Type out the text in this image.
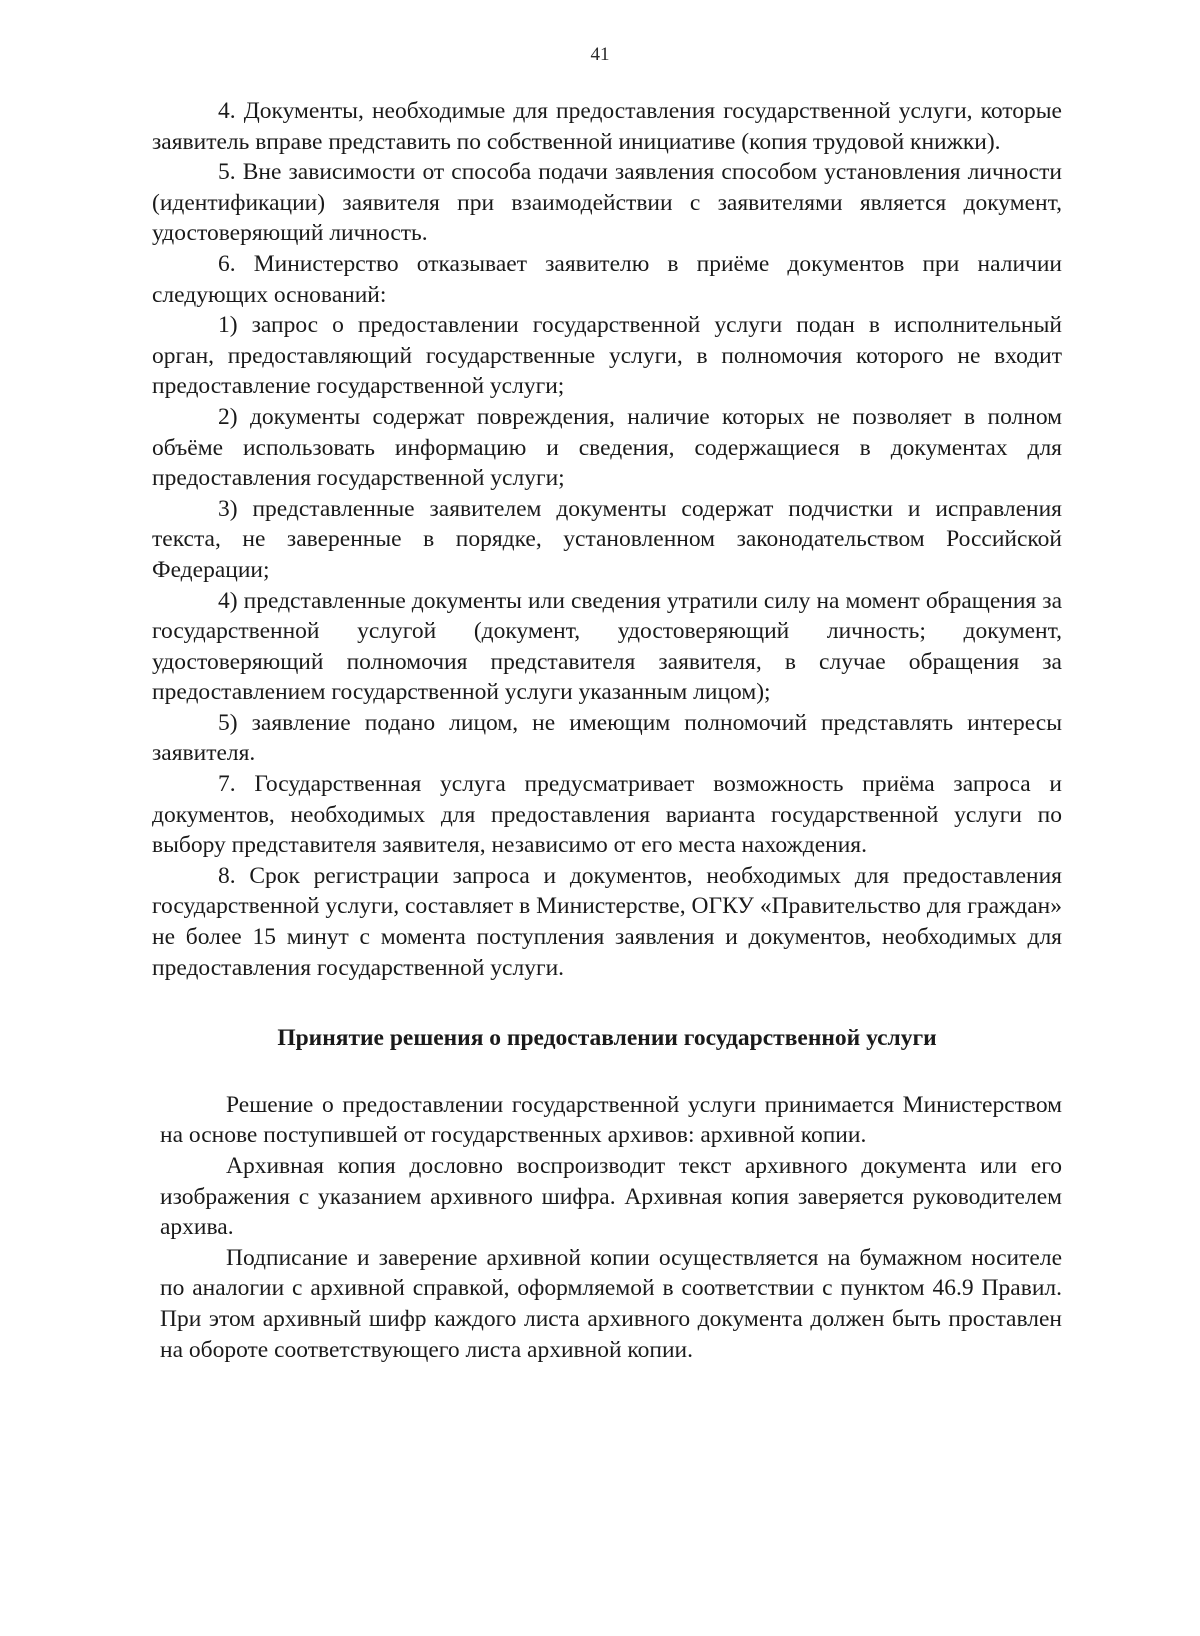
41

4. Документы, необходимые для предоставления государственной услуги, которые заявитель вправе представить по собственной инициативе (копия трудовой книжки).

5. Вне зависимости от способа подачи заявления способом установления личности (идентификации) заявителя при взаимодействии с заявителями является документ, удостоверяющий личность.

6. Министерство отказывает заявителю в приёме документов при наличии следующих оснований:

1) запрос о предоставлении государственной услуги подан в исполнительный орган, предоставляющий государственные услуги, в полномочия которого не входит предоставление государственной услуги;

2) документы содержат повреждения, наличие которых не позволяет в полном объёме использовать информацию и сведения, содержащиеся в документах для предоставления государственной услуги;

3) представленные заявителем документы содержат подчистки и исправления текста, не заверенные в порядке, установленном законодательством Российской Федерации;

4) представленные документы или сведения утратили силу на момент обращения за государственной услугой (документ, удостоверяющий личность; документ, удостоверяющий полномочия представителя заявителя, в случае обращения за предоставлением государственной услуги указанным лицом);

5) заявление подано лицом, не имеющим полномочий представлять интересы заявителя.

7. Государственная услуга предусматривает возможность приёма запроса и документов, необходимых для предоставления варианта государственной услуги по выбору представителя заявителя, независимо от его места нахождения.

8. Срок регистрации запроса и документов, необходимых для предоставления государственной услуги, составляет в Министерстве, ОГКУ «Правительство для граждан» не более 15 минут с момента поступления заявления и документов, необходимых для предоставления государственной услуги.

Принятие решения о предоставлении государственной услуги

Решение о предоставлении государственной услуги принимается Министерством на основе поступившей от государственных архивов: архивной копии.

Архивная копия дословно воспроизводит текст архивного документа или его изображения с указанием архивного шифра. Архивная копия заверяется руководителем архива.

Подписание и заверение архивной копии осуществляется на бумажном носителе по аналогии с архивной справкой, оформляемой в соответствии с пунктом 46.9 Правил. При этом архивный шифр каждого листа архивного документа должен быть проставлен на обороте соответствующего листа архивной копии.
